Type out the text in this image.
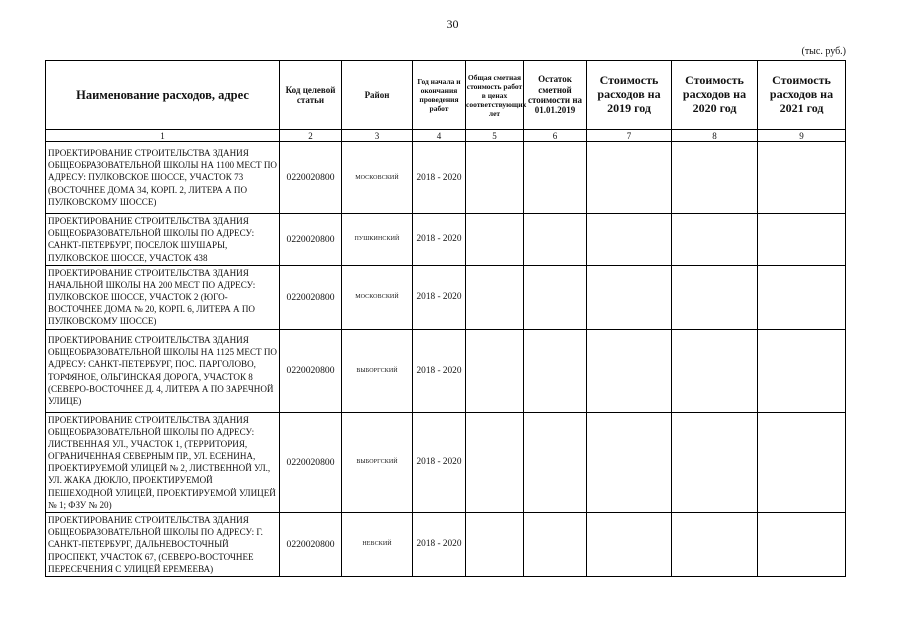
30
(тыс. руб.)
Наименование расходов, адрес	Код целевой статьи	Район	Год начала и окончания проведения работ	Общая сметная стоимость работ в ценах соответствующих лет	Остаток сметной стоимости на 01.01.2019	Стоимость расходов на 2019 год	Стоимость расходов на 2020 год	Стоимость расходов на 2021 год
1	2	3	4	5	6	7	8	9
ПРОЕКТИРОВАНИЕ СТРОИТЕЛЬСТВА ЗДАНИЯ ОБЩЕОБРАЗОВАТЕЛЬНОЙ ШКОЛЫ НА 1100 МЕСТ ПО АДРЕСУ: ПУЛКОВСКОЕ ШОССЕ, УЧАСТОК 73 (ВОСТОЧНЕЕ ДОМА 34, КОРП. 2, ЛИТЕРА А ПО ПУЛКОВСКОМУ ШОССЕ)	0220020800	МОСКОВСКИЙ	2018 - 2020					
ПРОЕКТИРОВАНИЕ СТРОИТЕЛЬСТВА ЗДАНИЯ ОБЩЕОБРАЗОВАТЕЛЬНОЙ ШКОЛЫ ПО АДРЕСУ: САНКТ-ПЕТЕРБУРГ, ПОСЕЛОК ШУШАРЫ, ПУЛКОВСКОЕ ШОССЕ, УЧАСТОК 438	0220020800	ПУШКИНСКИЙ	2018 - 2020					
ПРОЕКТИРОВАНИЕ СТРОИТЕЛЬСТВА ЗДАНИЯ НАЧАЛЬНОЙ ШКОЛЫ НА 200 МЕСТ ПО АДРЕСУ: ПУЛКОВСКОЕ ШОССЕ, УЧАСТОК 2 (ЮГО-ВОСТОЧНЕЕ ДОМА № 20, КОРП. 6, ЛИТЕРА А ПО ПУЛКОВСКОМУ ШОССЕ)	0220020800	МОСКОВСКИЙ	2018 - 2020					
ПРОЕКТИРОВАНИЕ СТРОИТЕЛЬСТВА ЗДАНИЯ ОБЩЕОБРАЗОВАТЕЛЬНОЙ ШКОЛЫ НА 1125 МЕСТ ПО АДРЕСУ: САНКТ-ПЕТЕРБУРГ, ПОС. ПАРГОЛОВО, ТОРФЯНОЕ, ОЛЬГИНСКАЯ ДОРОГА, УЧАСТОК 8 (СЕВЕРО-ВОСТОЧНЕЕ Д. 4, ЛИТЕРА А ПО ЗАРЕЧНОЙ УЛИЦЕ)	0220020800	ВЫБОРГСКИЙ	2018 - 2020					
ПРОЕКТИРОВАНИЕ СТРОИТЕЛЬСТВА ЗДАНИЯ ОБЩЕОБРАЗОВАТЕЛЬНОЙ ШКОЛЫ ПО АДРЕСУ: ЛИСТВЕННАЯ УЛ., УЧАСТОК 1, (ТЕРРИТОРИЯ, ОГРАНИЧЕННАЯ СЕВЕРНЫМ ПР., УЛ. ЕСЕНИНА, ПРОЕКТИРУЕМОЙ УЛИЦЕЙ № 2, ЛИСТВЕННОЙ УЛ., УЛ. ЖАКА ДЮКЛО, ПРОЕКТИРУЕМОЙ ПЕШЕХОДНОЙ УЛИЦЕЙ, ПРОЕКТИРУЕМОЙ УЛИЦЕЙ № 1; ФЗУ № 20)	0220020800	ВЫБОРГСКИЙ	2018 - 2020					
ПРОЕКТИРОВАНИЕ СТРОИТЕЛЬСТВА ЗДАНИЯ ОБЩЕОБРАЗОВАТЕЛЬНОЙ ШКОЛЫ ПО АДРЕСУ: Г. САНКТ-ПЕТЕРБУРГ, ДАЛЬНЕВОСТОЧНЫЙ ПРОСПЕКТ, УЧАСТОК 67, (СЕВЕРО-ВОСТОЧНЕЕ ПЕРЕСЕЧЕНИЯ С УЛИЦЕЙ ЕРЕМЕЕВА)	0220020800	НЕВСКИЙ	2018 - 2020					
